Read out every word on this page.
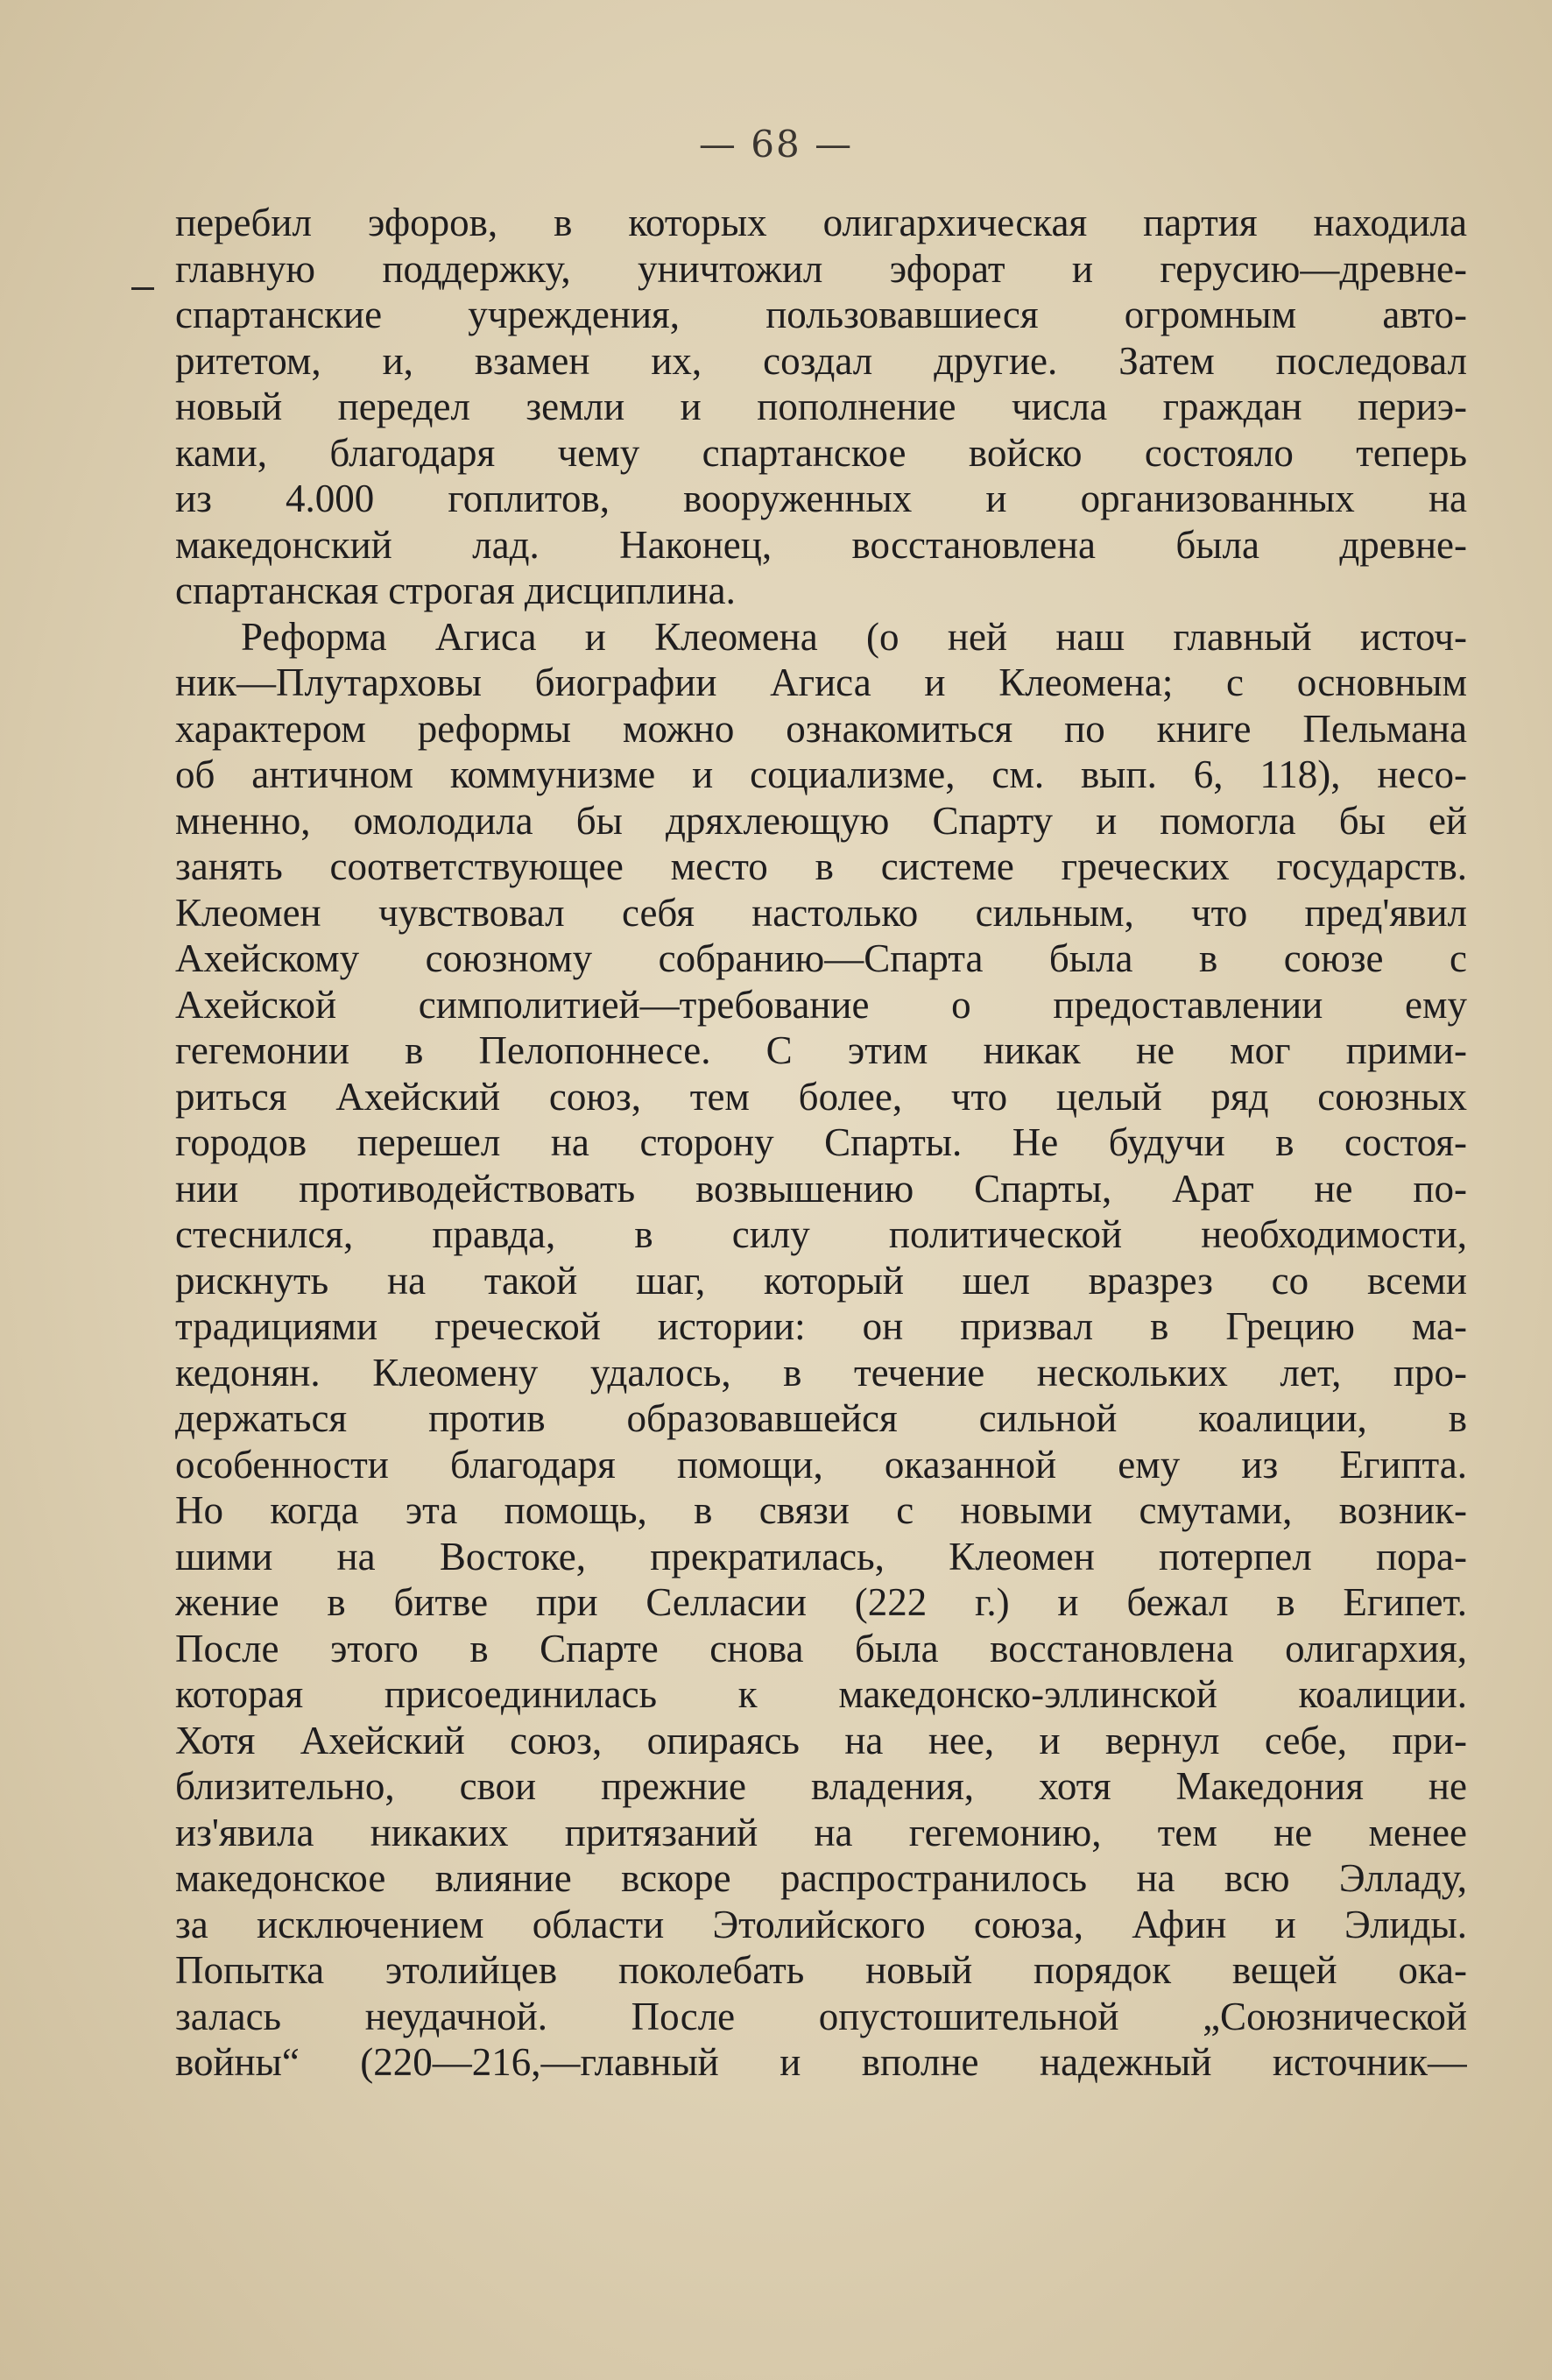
— 68 —
перебил эфоров, в которых олигархическая партия находила
главную поддержку, уничтожил эфорат и герусию—древне-
спартанские учреждения, пользовавшиеся огромным авто-
ритетом, и, взамен их, создал другие. Затем последовал
новый передел земли и пополнение числа граждан периэ-
ками, благодаря чему спартанское войско состояло теперь
из 4.000 гоплитов, вооруженных и организованных на
македонский лад. Наконец, восстановлена была древне-
спартанская строгая дисциплина.
Реформа Агиса и Клеомена (о ней наш главный источ-
ник—Плутарховы биографии Агиса и Клеомена; с основным
характером реформы можно ознакомиться по книге Пельмана
об античном коммунизме и социализме, см. вып. 6, 118), несо-
мненно, омолодила бы дряхлеющую Спарту и помогла бы ей
занять соответствующее место в системе греческих государств.
Клеомен чувствовал себя настолько сильным, что пред'явил
Ахейскому союзному собранию—Спарта была в союзе с
Ахейской симполитией—требование о предоставлении ему
гегемонии в Пелопоннесе. С этим никак не мог прими-
риться Ахейский союз, тем более, что целый ряд союзных
городов перешел на сторону Спарты. Не будучи в состоя-
нии противодействовать возвышению Спарты, Арат не по-
стеснился, правда, в силу политической необходимости,
рискнуть на такой шаг, который шел вразрез со всеми
традициями греческой истории: он призвал в Грецию ма-
кедонян. Клеомену удалось, в течение нескольких лет, про-
держаться против образовавшейся сильной коалиции, в
особенности благодаря помощи, оказанной ему из Египта.
Но когда эта помощь, в связи с новыми смутами, возник-
шими на Востоке, прекратилась, Клеомен потерпел пора-
жение в битве при Селласии (222 г.) и бежал в Египет.
После этого в Спарте снова была восстановлена олигархия,
которая присоединилась к македонско-эллинской коалиции.
Хотя Ахейский союз, опираясь на нее, и вернул себе, при-
близительно, свои прежние владения, хотя Македония не
из'явила никаких притязаний на гегемонию, тем не менее
македонское влияние вскоре распространилось на всю Элладу,
за исключением области Этолийского союза, Афин и Элиды.
Попытка этолийцев поколебать новый порядок вещей ока-
залась неудачной. После опустошительной „Союзнической
войны“ (220—216,—главный и вполне надежный источник—
